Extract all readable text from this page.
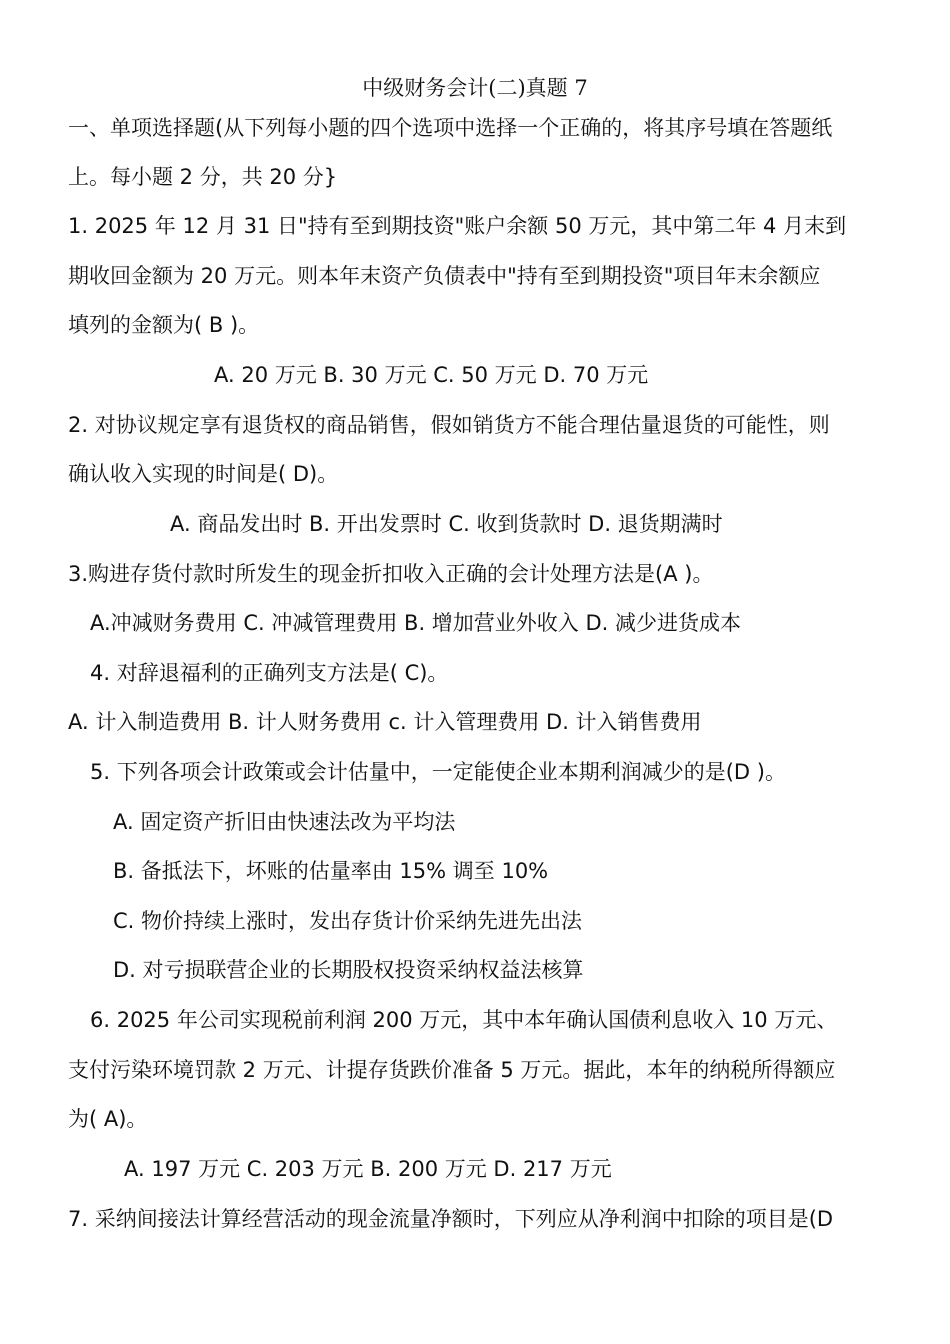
中级财务会计(二)真题 7
一、单项选择题(从下列每小题的四个选项中选择一个正确的，将其序号填在答题纸
上。每小题 2 分，共 20 分}
1. 2025 年 12 月 31 日"持有至到期技资"账户余额 50 万元，其中第二年 4 月末到
期收回金额为 20 万元。则本年末资产负债表中"持有至到期投资"项目年末余额应
填列的金额为( B )。
A. 20 万元 B. 30 万元 C. 50 万元 D. 70 万元
2. 对协议规定享有退货权的商品销售，假如销货方不能合理估量退货的可能性，则
确认收入实现的时间是( D)。
A. 商品发出时 B. 开出发票时 C. 收到货款时 D. 退货期满时
3.购进存货付款时所发生的现金折扣收入正确的会计处理方法是(A )。
A.冲减财务费用 C. 冲减管理费用 B. 增加营业外收入 D. 减少进货成本
4. 对辞退福利的正确列支方法是( C)。
A. 计入制造费用 B. 计人财务费用 c. 计入管理费用 D. 计入销售费用
5. 下列各项会计政策或会计估量中，一定能使企业本期利润减少的是(D )。
A. 固定资产折旧由快速法改为平均法
B. 备抵法下，坏账的估量率由 15% 调至 10%
C. 物价持续上涨时，发出存货计价采纳先进先出法
D. 对亏损联营企业的长期股权投资采纳权益法核算
6. 2025 年公司实现税前利润 200 万元，其中本年确认国债利息收入 10 万元、
支付污染环境罚款 2 万元、计提存货跌价准备 5 万元。据此，本年的纳税所得额应
为( A)。
A. 197 万元 C. 203 万元 B. 200 万元 D. 217 万元
7. 采纳间接法计算经营活动的现金流量净额时，下列应从净利润中扣除的项目是(D
